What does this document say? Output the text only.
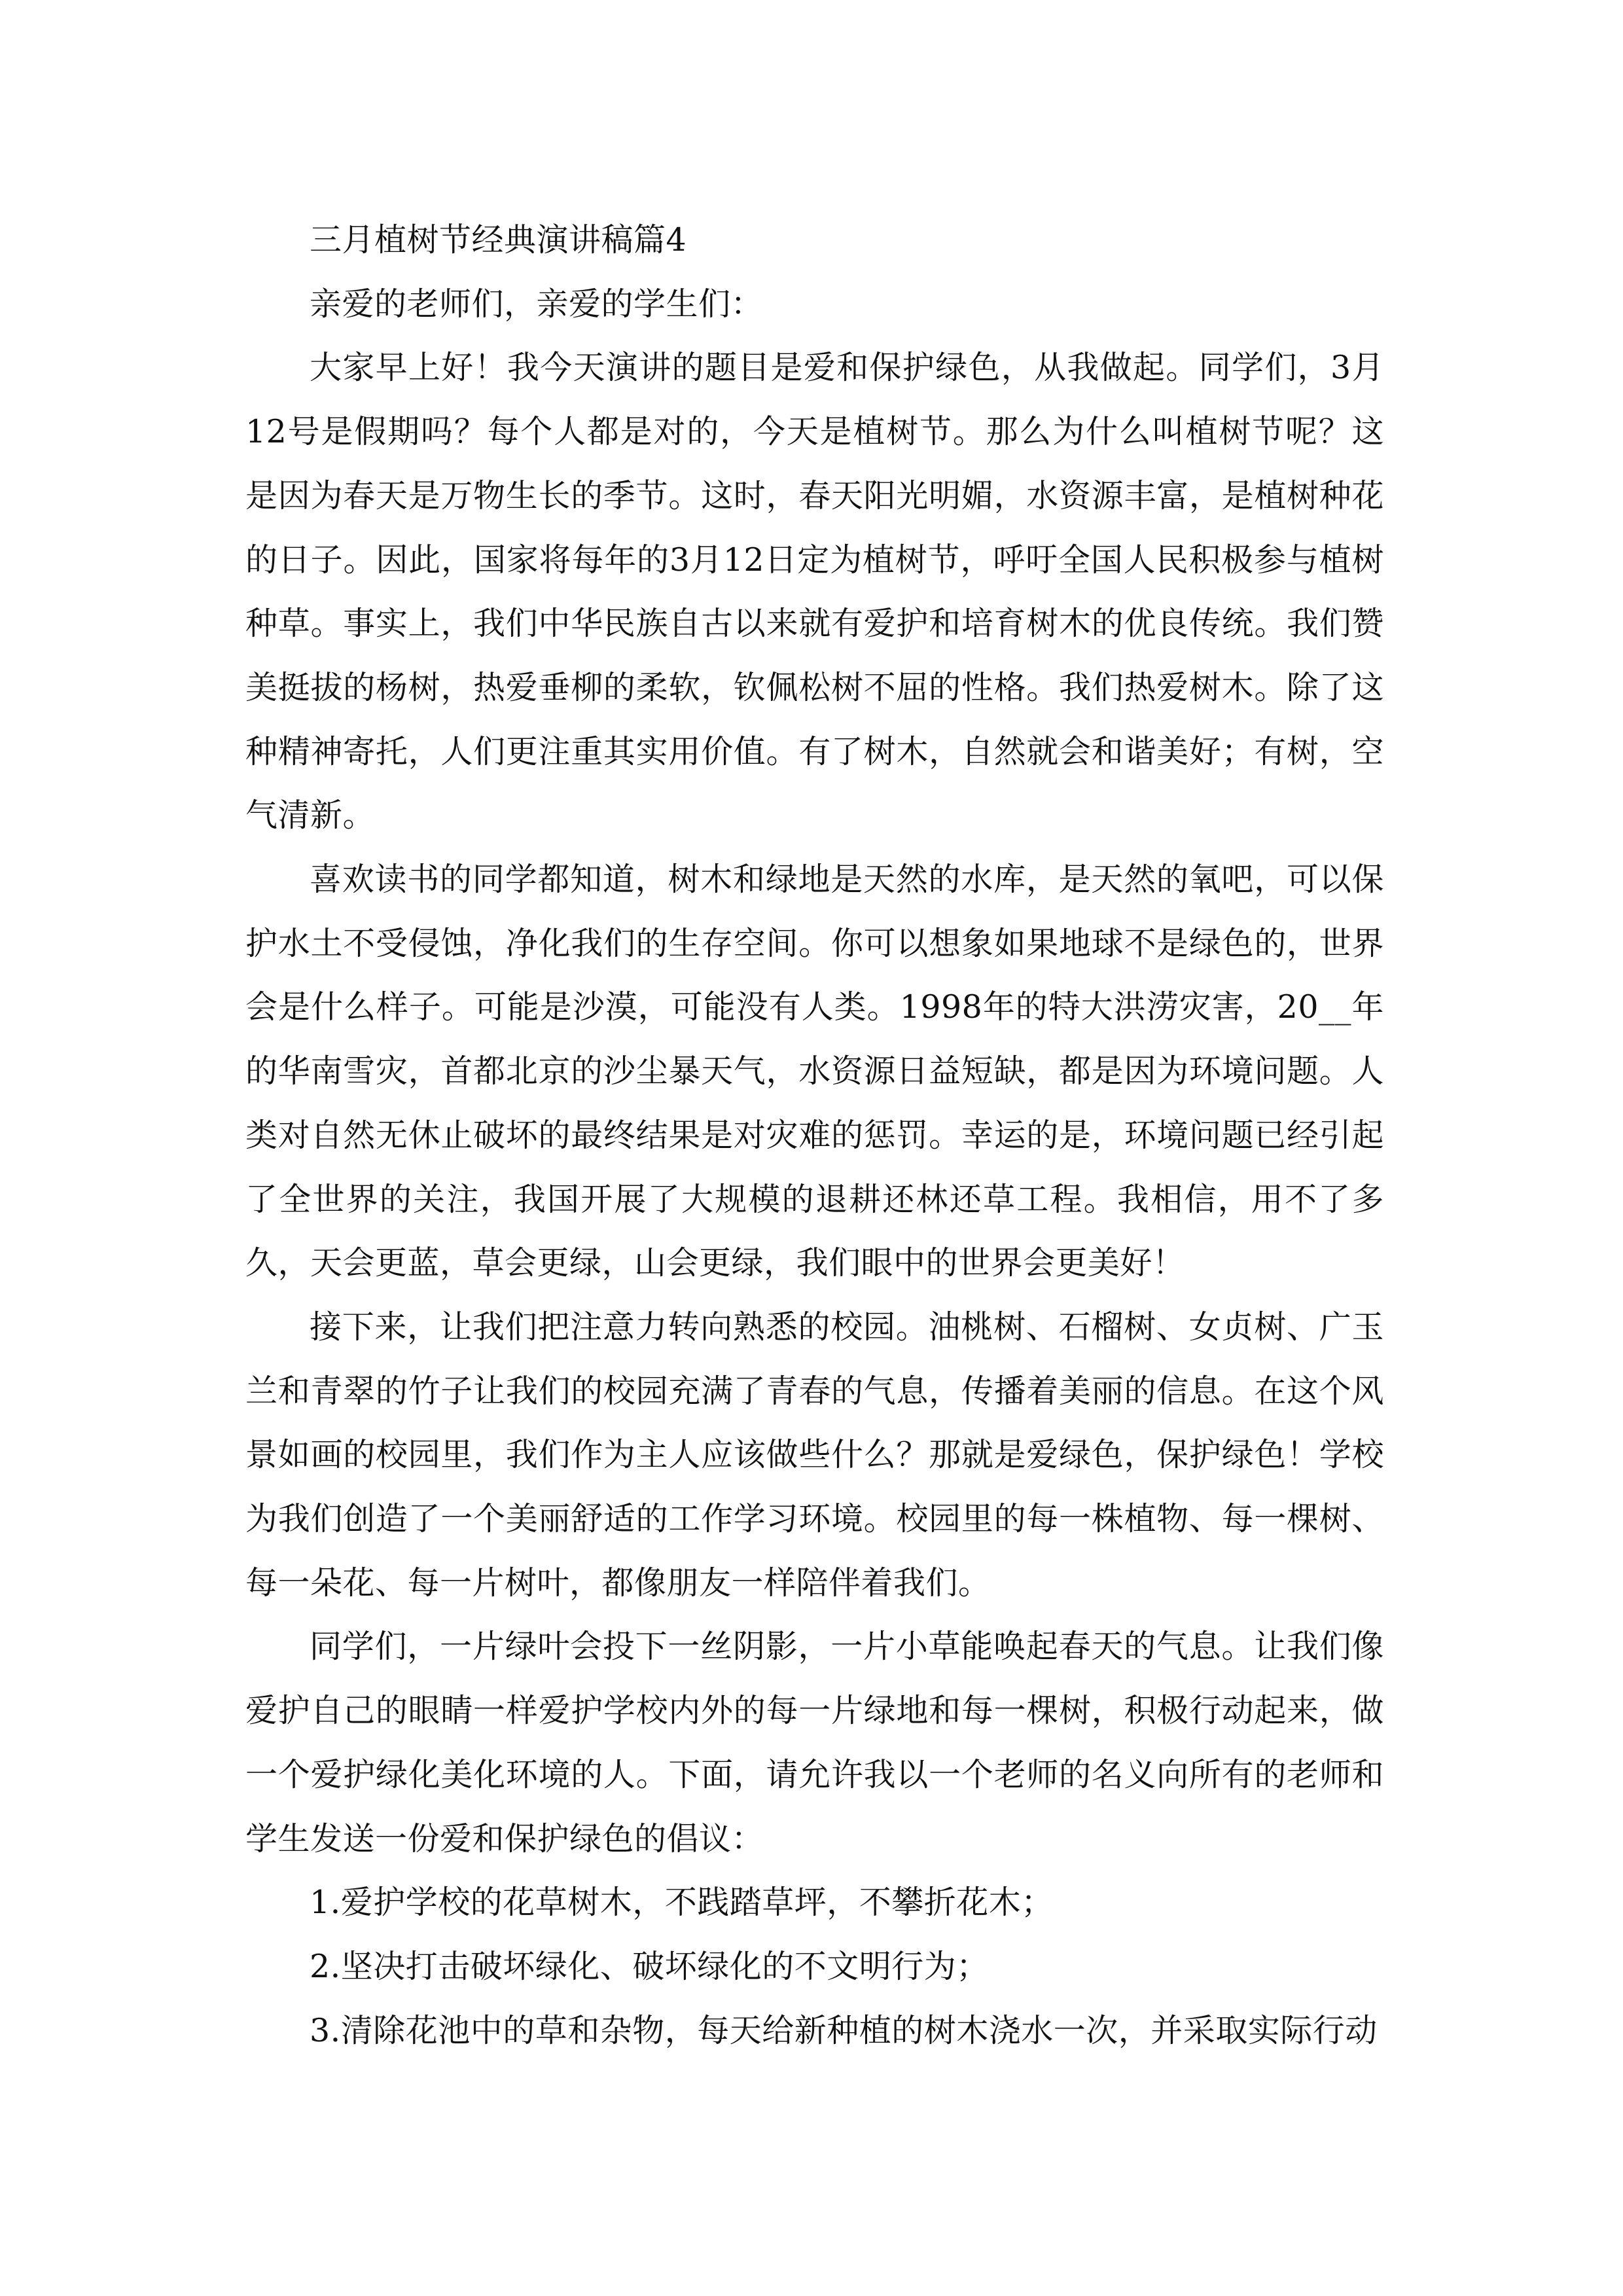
三月植树节经典演讲稿篇4

亲爱的老师们，亲爱的学生们：

大家早上好！我今天演讲的题目是爱和保护绿色，从我做起。同学们，3月12号是假期吗？每个人都是对的，今天是植树节。那么为什么叫植树节呢？这是因为春天是万物生长的季节。这时，春天阳光明媚，水资源丰富，是植树种花的日子。因此，国家将每年的3月12日定为植树节，呼吁全国人民积极参与植树种草。事实上，我们中华民族自古以来就有爱护和培育树木的优良传统。我们赞美挺拔的杨树，热爱垂柳的柔软，钦佩松树不屈的性格。我们热爱树木。除了这种精神寄托，人们更注重其实用价值。有了树木，自然就会和谐美好；有树，空气清新。

喜欢读书的同学都知道，树木和绿地是天然的水库，是天然的氧吧，可以保护水土不受侵蚀，净化我们的生存空间。你可以想象如果地球不是绿色的，世界会是什么样子。可能是沙漠，可能没有人类。1998年的特大洪涝灾害，20__年的华南雪灾，首都北京的沙尘暴天气，水资源日益短缺，都是因为环境问题。人类对自然无休止破坏的最终结果是对灾难的惩罚。幸运的是，环境问题已经引起了全世界的关注，我国开展了大规模的退耕还林还草工程。我相信，用不了多久，天会更蓝，草会更绿，山会更绿，我们眼中的世界会更美好！

接下来，让我们把注意力转向熟悉的校园。油桃树、石榴树、女贞树、广玉兰和青翠的竹子让我们的校园充满了青春的气息，传播着美丽的信息。在这个风景如画的校园里，我们作为主人应该做些什么？那就是爱绿色，保护绿色！学校为我们创造了一个美丽舒适的工作学习环境。校园里的每一株植物、每一棵树、每一朵花、每一片树叶，都像朋友一样陪伴着我们。

同学们，一片绿叶会投下一丝阴影，一片小草能唤起春天的气息。让我们像爱护自己的眼睛一样爱护学校内外的每一片绿地和每一棵树，积极行动起来，做一个爱护绿化美化环境的人。下面，请允许我以一个老师的名义向所有的老师和学生发送一份爱和保护绿色的倡议：

1.爱护学校的花草树木，不践踏草坪，不攀折花木；

2.坚决打击破坏绿化、破坏绿化的不文明行为；

3.清除花池中的草和杂物，每天给新种植的树木浇水一次，并采取实际行动
